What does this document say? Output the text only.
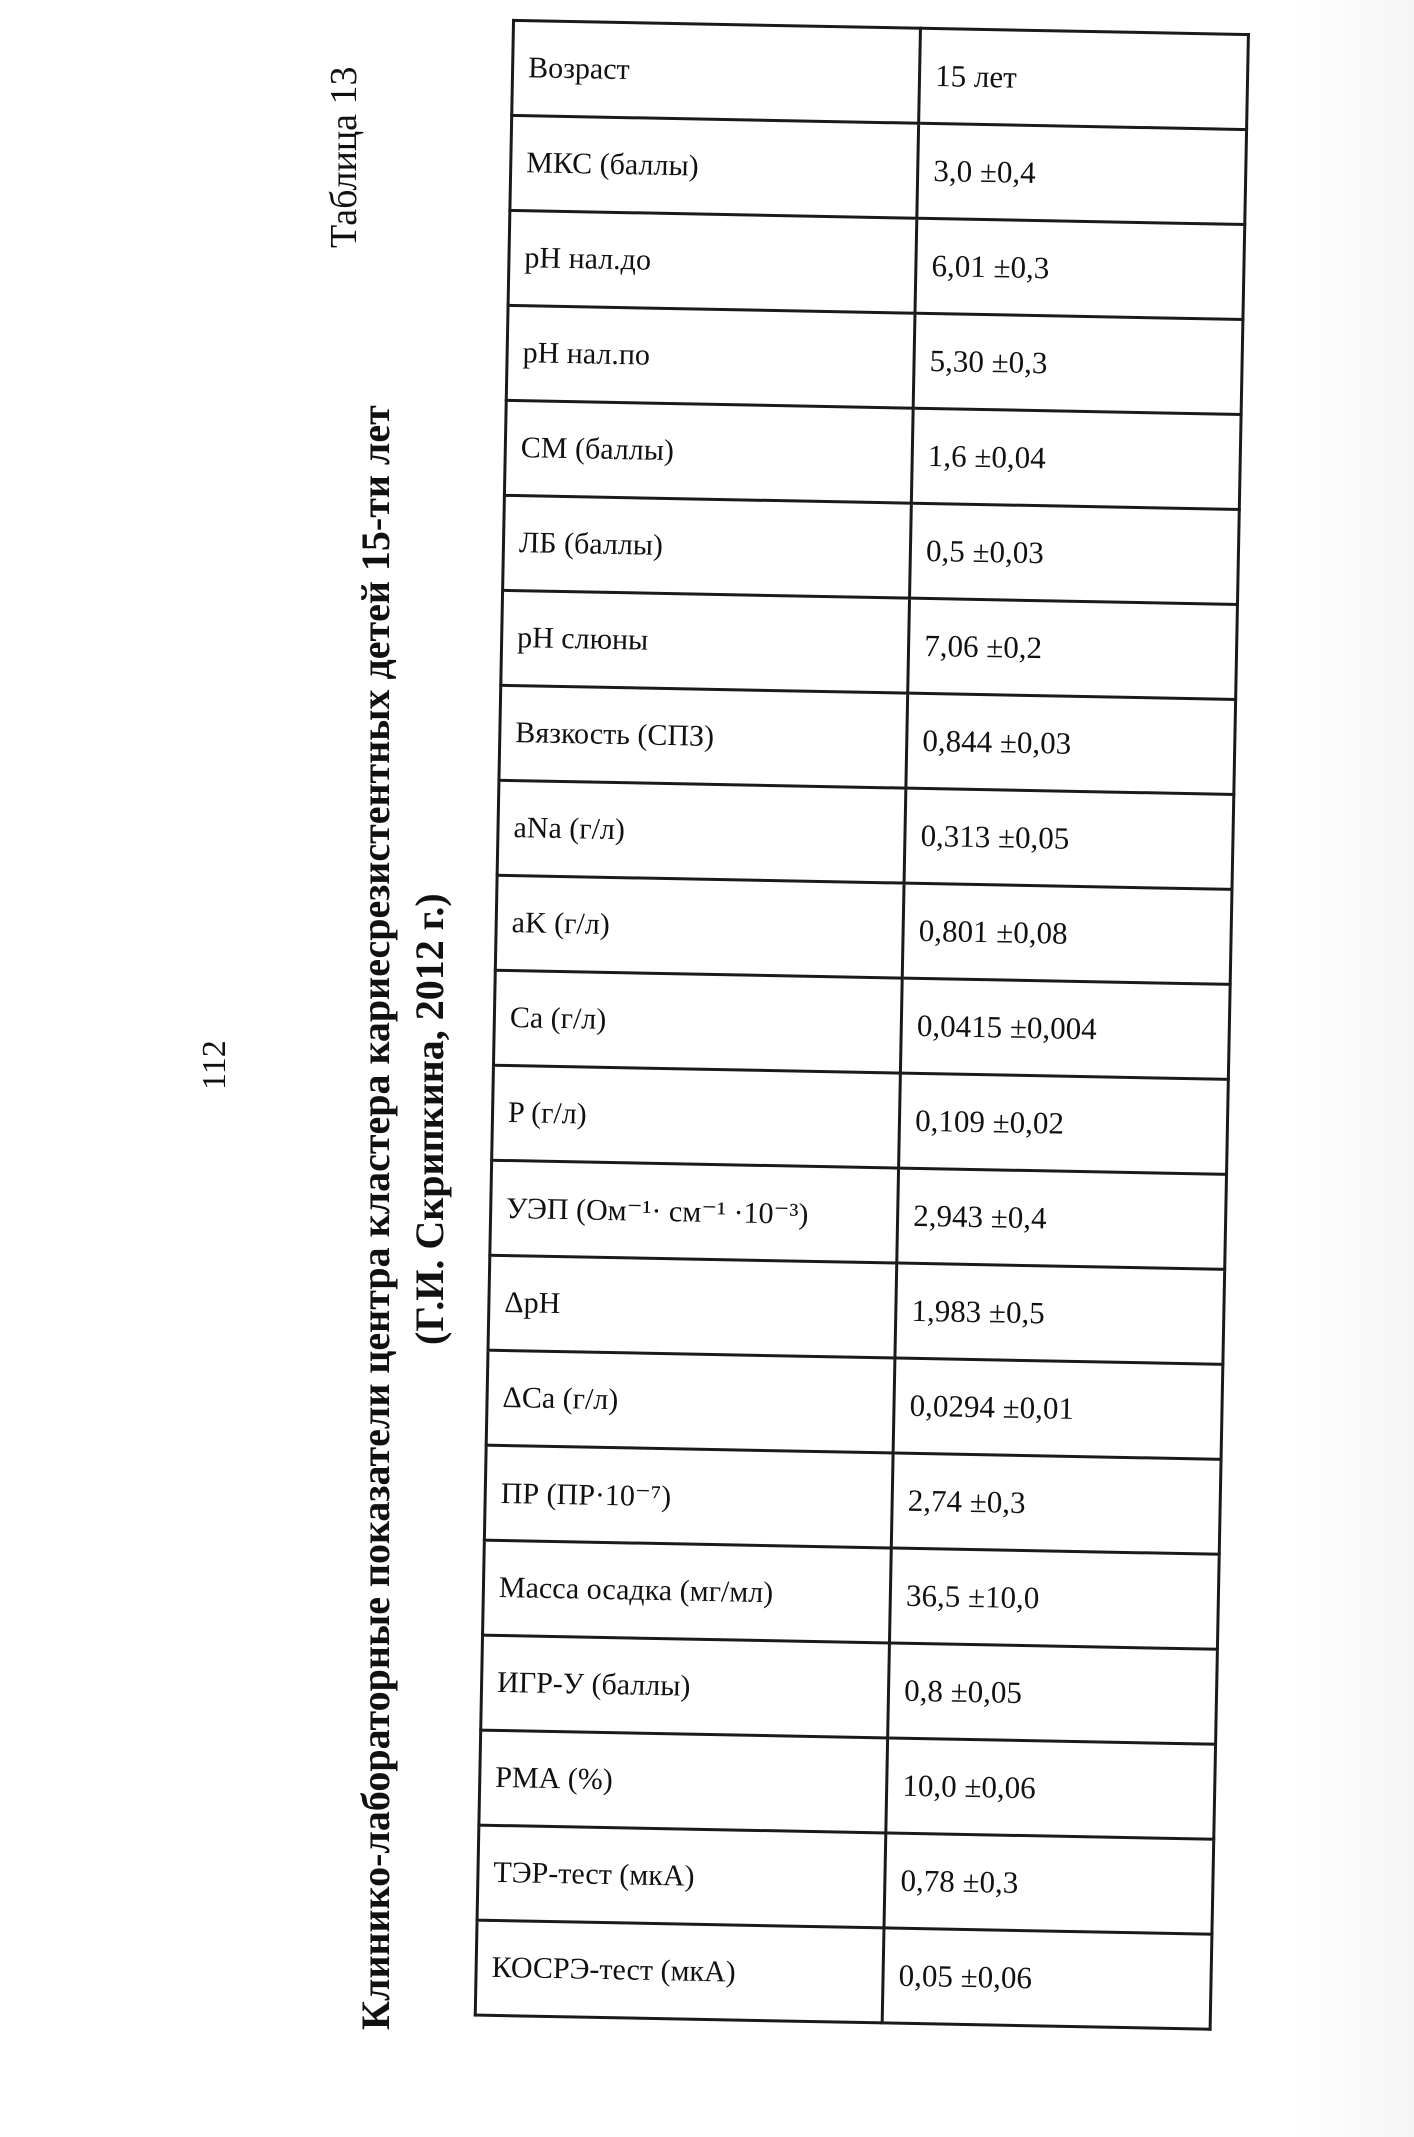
Таблица 13
Клинико-лабораторные показатели центра кластера кариесрезистентных детей 15-ти лет (Г.И. Скрипкина, 2012 г.)
112
Возраст	15 лет
МКС (баллы)	3,0 ±0,4
pH нал.до	6,01 ±0,3
pH нал.по	5,30 ±0,3
СМ (баллы)	1,6 ±0,04
ЛБ (баллы)	0,5 ±0,03
pH слюны	7,06 ±0,2
Вязкость (СПЗ)	0,844 ±0,03
aNa (г/л)	0,313 ±0,05
aK (г/л)	0,801 ±0,08
Ca (г/л)	0,0415 ±0,004
P (г/л)	0,109 ±0,02
УЭП (Ом⁻¹· см⁻¹ ·10⁻³)	2,943 ±0,4
ΔpH	1,983 ±0,5
ΔCa (г/л)	0,0294 ±0,01
ПР (ПР·10⁻⁷)	2,74 ±0,3
Масса осадка (мг/мл)	36,5 ±10,0
ИГР-У (баллы)	0,8 ±0,05
РМА (%)	10,0 ±0,06
ТЭР-тест (мкА)	0,78 ±0,3
КОСРЭ-тест (мкА)	0,05 ±0,06
